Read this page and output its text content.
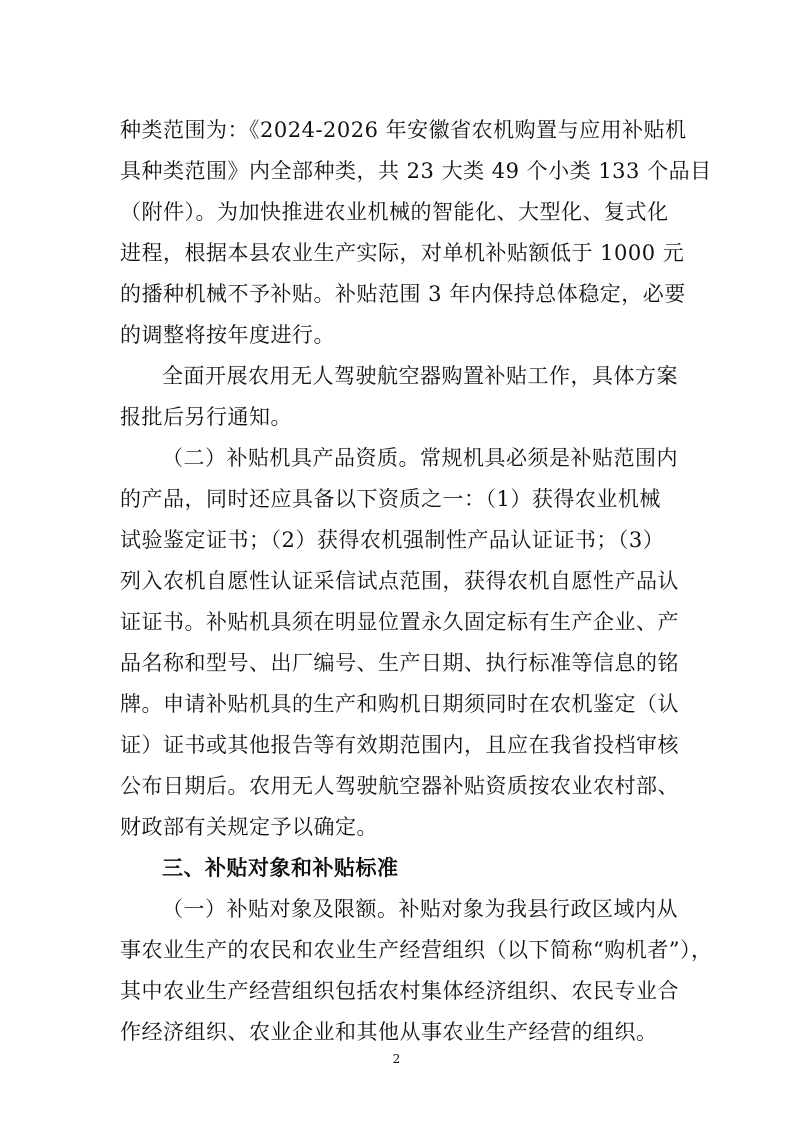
种类范围为：《2024-2026 年安徽省农机购置与应用补贴机
具种类范围》内全部种类，共 23 大类 49 个小类 133 个品目
（附件）。为加快推进农业机械的智能化、大型化、复式化
进程，根据本县农业生产实际，对单机补贴额低于 1000 元
的播种机械不予补贴。补贴范围 3 年内保持总体稳定，必要
的调整将按年度进行。
全面开展农用无人驾驶航空器购置补贴工作，具体方案
报批后另行通知。
（二）补贴机具产品资质。常规机具必须是补贴范围内
的产品，同时还应具备以下资质之一：（1）获得农业机械
试验鉴定证书；（2）获得农机强制性产品认证证书；（3）
列入农机自愿性认证采信试点范围，获得农机自愿性产品认
证证书。补贴机具须在明显位置永久固定标有生产企业、产
品名称和型号、出厂编号、生产日期、执行标准等信息的铭
牌。申请补贴机具的生产和购机日期须同时在农机鉴定（认
证）证书或其他报告等有效期范围内，且应在我省投档审核
公布日期后。农用无人驾驶航空器补贴资质按农业农村部、
财政部有关规定予以确定。
三、补贴对象和补贴标准
（一）补贴对象及限额。补贴对象为我县行政区域内从
事农业生产的农民和农业生产经营组织（以下简称“购机者”），
其中农业生产经营组织包括农村集体经济组织、农民专业合
作经济组织、农业企业和其他从事农业生产经营的组织。
2
